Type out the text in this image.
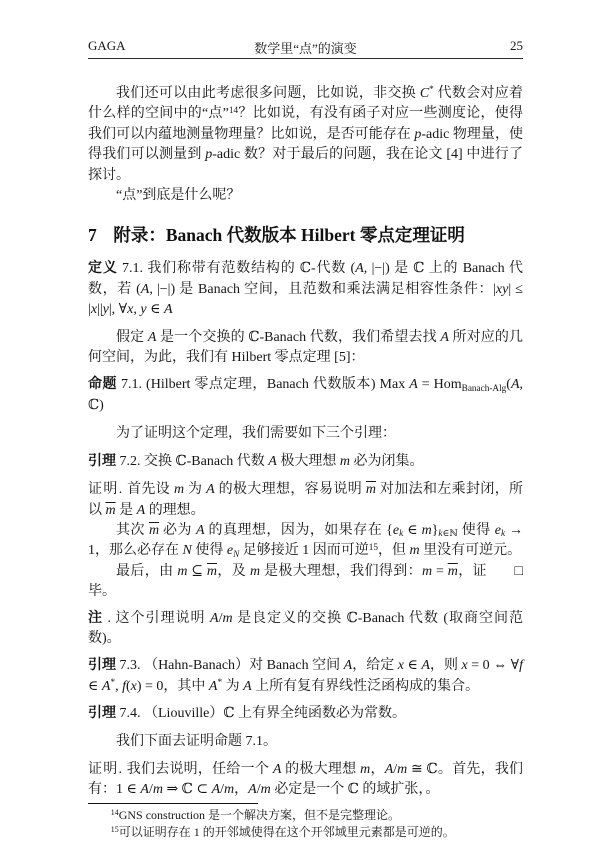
GAGA	数学里“点”的演变	25

我们还可以由此考虑很多问题，比如说，非交换 C* 代数会对应着什么样的空间中的“点”$^{14}$？比如说，有没有函子对应一些测度论，使得我们可以内蕴地测量物理量？比如说，是否可能存在 p-adic 物理量，使得我们可以测量到 p-adic 数？对于最后的问题，我在论文 [4] 中进行了探讨。

“点”到底是什么呢？

7 附录：Banach 代数版本 Hilbert 零点定理证明

定义 7.1. 我们称带有范数结构的 ℂ-代数 (A, |−|) 是 ℂ 上的 Banach 代数，若 (A, |−|) 是 Banach 空间，且范数和乘法满足相容性条件：|xy| ≤ |x||y|, ∀x, y ∈ A

假定 A 是一个交换的 ℂ-Banach 代数，我们希望去找 A 所对应的几何空间，为此，我们有 Hilbert 零点定理 [5]：

命题 7.1. (Hilbert 零点定理，Banach 代数版本) Max A = Hom$_{Banach-Alg}$(A, ℂ)

为了证明这个定理，我们需要如下三个引理：

引理 7.2. 交换 ℂ-Banach 代数 A 极大理想 m 必为闭集。

证明. 首先设 m 为 A 的极大理想，容易说明 $\overline{m}$ 对加法和左乘封闭，所以 $\overline{m}$ 是 A 的理想。

其次 $\overline{m}$ 必为 A 的真理想，因为，如果存在 {$e_k$ ∈ $m\}_{k\in ℕ}$ 使得 $e_k \to 1$，那么必存在 N 使得 $e_N$ 足够接近 1 因而可逆$^{15}$，但 m 里没有可逆元。

□
最后，由 m ⊆ $\overline{m}$，及 m 是极大理想，我们得到：$m = \overline{m}$，证毕。

注 . 这个引理说明 A/m 是良定义的交换 ℂ-Banach 代数 (取商空间范数)。

引理 7.3. （Hahn-Banach）对 Banach 空间 A，给定 x ∈ A，则 x = 0 ⇔ ∀f ∈ A*, f(x) = 0，其中 A* 为 A 上所有复有界线性泛函构成的集合。

引理 7.4. （Liouville）ℂ 上有界全纯函数必为常数。

我们下面去证明命题 7.1。

证明. 我们去说明，任给一个 A 的极大理想 m，A/m ≅ ℂ。首先，我们有：1 ∈ A/m ⇒ ℂ ⊂ A/m，A/m 必定是一个 ℂ 的域扩张，。

$^{14}$GNS construction 是一个解决方案，但不是完整理论。

$^{15}$可以证明存在 1 的开邻域使得在这个开邻域里元素都是可逆的。
